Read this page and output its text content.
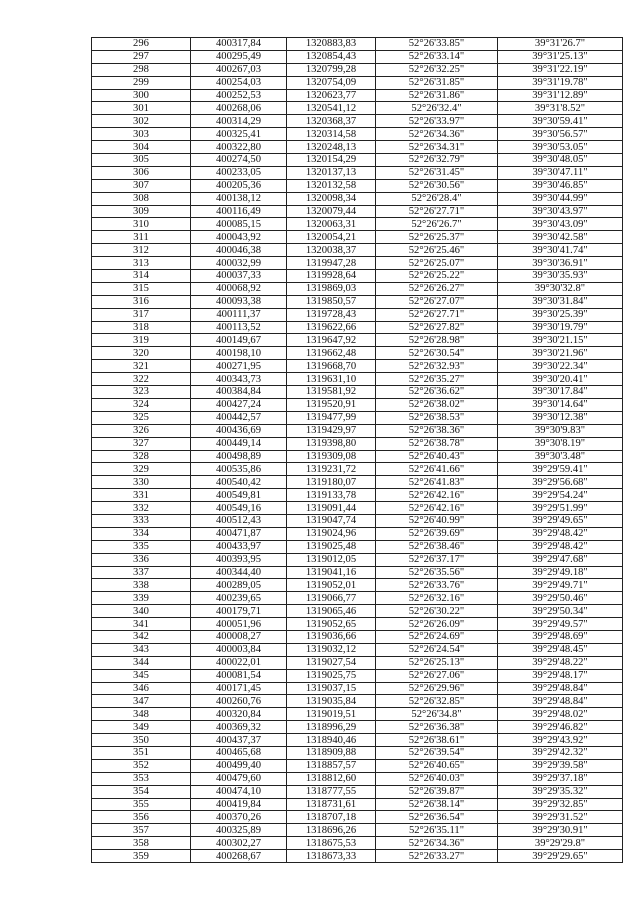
296	400317,84	1320883,83	52°26'33.85"	39°31'26.7"
297	400295,49	1320854,43	52°26'33.14"	39°31'25.13"
298	400267,03	1320799,28	52°26'32.25"	39°31'22.19"
299	400254,03	1320754,09	52°26'31.85"	39°31'19.78"
300	400252,53	1320623,77	52°26'31.86"	39°31'12.89"
301	400268,06	1320541,12	52°26'32.4"	39°31'8.52"
302	400314,29	1320368,37	52°26'33.97"	39°30'59.41"
303	400325,41	1320314,58	52°26'34.36"	39°30'56.57"
304	400322,80	1320248,13	52°26'34.31"	39°30'53.05"
305	400274,50	1320154,29	52°26'32.79"	39°30'48.05"
306	400233,05	1320137,13	52°26'31.45"	39°30'47.11"
307	400205,36	1320132,58	52°26'30.56"	39°30'46.85"
308	400138,12	1320098,34	52°26'28.4"	39°30'44.99"
309	400116,49	1320079,44	52°26'27.71"	39°30'43.97"
310	400085,15	1320063,31	52°26'26.7"	39°30'43.09"
311	400043,92	1320054,21	52°26'25.37"	39°30'42.58"
312	400046,38	1320038,37	52°26'25.46"	39°30'41.74"
313	400032,99	1319947,28	52°26'25.07"	39°30'36.91"
314	400037,33	1319928,64	52°26'25.22"	39°30'35.93"
315	400068,92	1319869,03	52°26'26.27"	39°30'32.8"
316	400093,38	1319850,57	52°26'27.07"	39°30'31.84"
317	400111,37	1319728,43	52°26'27.71"	39°30'25.39"
318	400113,52	1319622,66	52°26'27.82"	39°30'19.79"
319	400149,67	1319647,92	52°26'28.98"	39°30'21.15"
320	400198,10	1319662,48	52°26'30.54"	39°30'21.96"
321	400271,95	1319668,70	52°26'32.93"	39°30'22.34"
322	400343,73	1319631,10	52°26'35.27"	39°30'20.41"
323	400384,84	1319581,92	52°26'36.62"	39°30'17.84"
324	400427,24	1319520,91	52°26'38.02"	39°30'14.64"
325	400442,57	1319477,99	52°26'38.53"	39°30'12.38"
326	400436,69	1319429,97	52°26'38.36"	39°30'9.83"
327	400449,14	1319398,80	52°26'38.78"	39°30'8.19"
328	400498,89	1319309,08	52°26'40.43"	39°30'3.48"
329	400535,86	1319231,72	52°26'41.66"	39°29'59.41"
330	400540,42	1319180,07	52°26'41.83"	39°29'56.68"
331	400549,81	1319133,78	52°26'42.16"	39°29'54.24"
332	400549,16	1319091,44	52°26'42.16"	39°29'51.99"
333	400512,43	1319047,74	52°26'40.99"	39°29'49.65"
334	400471,87	1319024,96	52°26'39.69"	39°29'48.42"
335	400433,97	1319025,48	52°26'38.46"	39°29'48.42"
336	400393,95	1319012,05	52°26'37.17"	39°29'47.68"
337	400344,40	1319041,16	52°26'35.56"	39°29'49.18"
338	400289,05	1319052,01	52°26'33.76"	39°29'49.71"
339	400239,65	1319066,77	52°26'32.16"	39°29'50.46"
340	400179,71	1319065,46	52°26'30.22"	39°29'50.34"
341	400051,96	1319052,65	52°26'26.09"	39°29'49.57"
342	400008,27	1319036,66	52°26'24.69"	39°29'48.69"
343	400003,84	1319032,12	52°26'24.54"	39°29'48.45"
344	400022,01	1319027,54	52°26'25.13"	39°29'48.22"
345	400081,54	1319025,75	52°26'27.06"	39°29'48.17"
346	400171,45	1319037,15	52°26'29.96"	39°29'48.84"
347	400260,76	1319035,84	52°26'32.85"	39°29'48.84"
348	400320,84	1319019,51	52°26'34.8"	39°29'48.02"
349	400369,32	1318996,29	52°26'36.38"	39°29'46.82"
350	400437,37	1318940,46	52°26'38.61"	39°29'43.92"
351	400465,68	1318909,88	52°26'39.54"	39°29'42.32"
352	400499,40	1318857,57	52°26'40.65"	39°29'39.58"
353	400479,60	1318812,60	52°26'40.03"	39°29'37.18"
354	400474,10	1318777,55	52°26'39.87"	39°29'35.32"
355	400419,84	1318731,61	52°26'38.14"	39°29'32.85"
356	400370,26	1318707,18	52°26'36.54"	39°29'31.52"
357	400325,89	1318696,26	52°26'35.11"	39°29'30.91"
358	400302,27	1318675,53	52°26'34.36"	39°29'29.8"
359	400268,67	1318673,33	52°26'33.27"	39°29'29.65"
